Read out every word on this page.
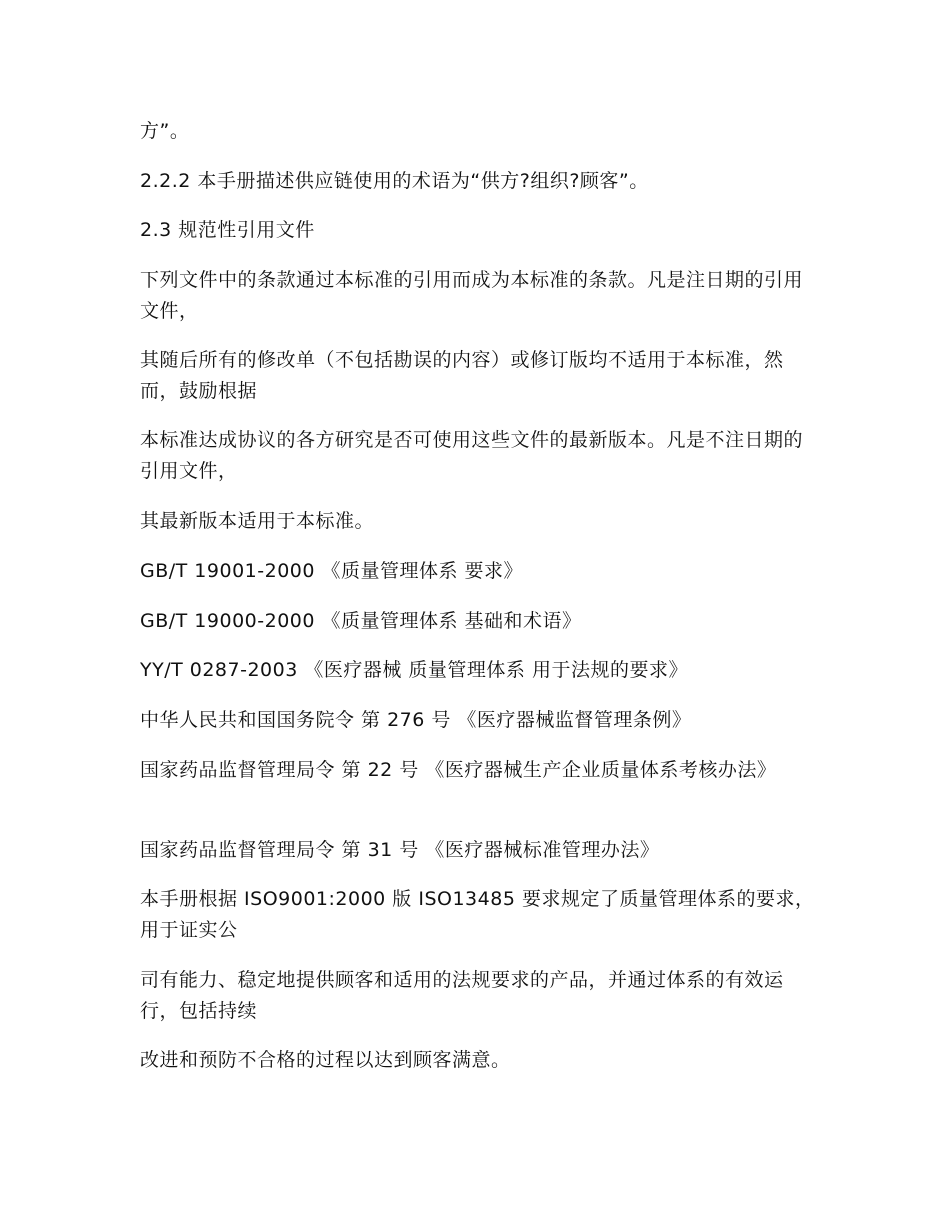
方”。

2.2.2 本手册描述供应链使用的术语为“供方?组织?顾客”。

2.3 规范性引用文件

下列文件中的条款通过本标准的引用而成为本标准的条款。凡是注日期的引用文件，

其随后所有的修改单（不包括勘误的内容）或修订版均不适用于本标准，然而，鼓励根据

本标准达成协议的各方研究是否可使用这些文件的最新版本。凡是不注日期的引用文件，

其最新版本适用于本标准。

GB/T 19001-2000 《质量管理体系 要求》

GB/T 19000-2000 《质量管理体系 基础和术语》

YY/T 0287-2003 《医疗器械 质量管理体系 用于法规的要求》

中华人民共和国国务院令 第 276 号 《医疗器械监督管理条例》

国家药品监督管理局令 第 22 号 《医疗器械生产企业质量体系考核办法》

国家药品监督管理局令 第 31 号 《医疗器械标准管理办法》

本手册根据 ISO9001:2000 版 ISO13485 要求规定了质量管理体系的要求，用于证实公

司有能力、稳定地提供顾客和适用的法规要求的产品，并通过体系的有效运行，包括持续

改进和预防不合格的过程以达到顾客满意。
